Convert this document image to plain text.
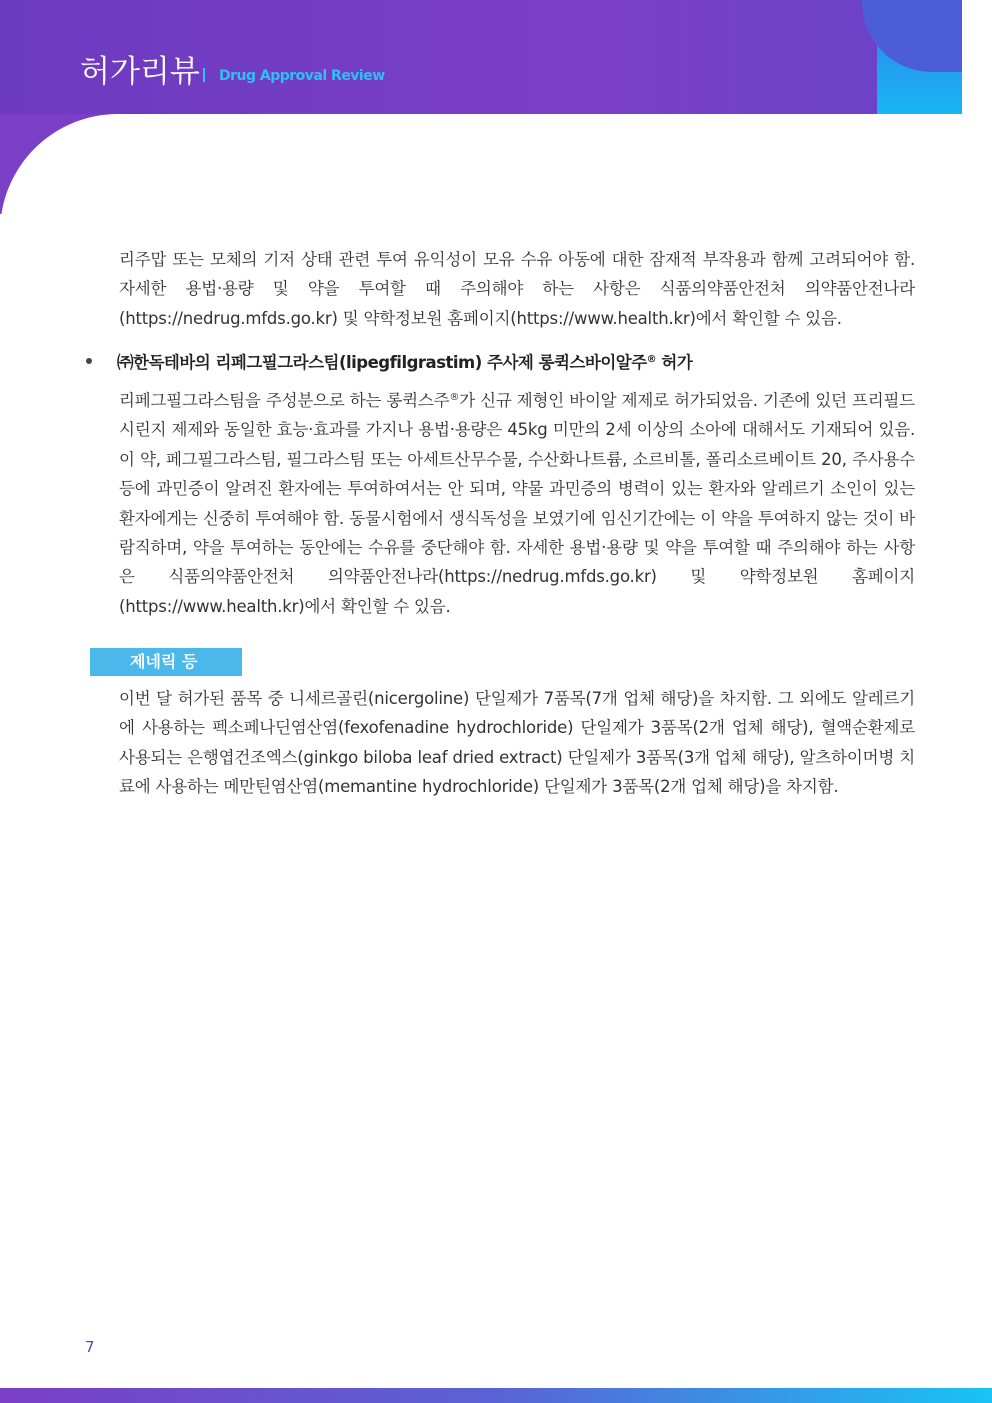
허가리뷰 Drug Approval Review

리주맙 또는 모체의 기저 상태 관련 투여 유익성이 모유 수유 아동에 대한 잠재적 부작용과 함께 고려되어야 함. 자세한 용법·용량 및 약을 투여할 때 주의해야 하는 사항은 식품의약품안전처 의약품안전나라(https://nedrug.mfds.go.kr) 및 약학정보원 홈페이지(https://www.health.kr)에서 확인할 수 있음.

㈜한독테바의 리페그필그라스팀(lipegfilgrastim) 주사제 롱퀵스바이알주® 허가

리페그필그라스팀을 주성분으로 하는 롱퀵스주®가 신규 제형인 바이알 제제로 허가되었음. 기존에 있던 프리필드시린지 제제와 동일한 효능·효과를 가지나 용법·용량은 45kg 미만의 2세 이상의 소아에 대해서도 기재되어 있음. 이 약, 페그필그라스팀, 필그라스팀 또는 아세트산무수물, 수산화나트륨, 소르비톨, 폴리소르베이트 20, 주사용수 등에 과민증이 알려진 환자에는 투여하여서는 안 되며, 약물 과민증의 병력이 있는 환자와 알레르기 소인이 있는 환자에게는 신중히 투여해야 함. 동물시험에서 생식독성을 보였기에 임신기간에는 이 약을 투여하지 않는 것이 바람직하며, 약을 투여하는 동안에는 수유를 중단해야 함. 자세한 용법·용량 및 약을 투여할 때 주의해야 하는 사항은 식품의약품안전처 의약품안전나라(https://nedrug.mfds.go.kr) 및 약학정보원 홈페이지(https://www.health.kr)에서 확인할 수 있음.

제네릭 등

이번 달 허가된 품목 중 니세르골린(nicergoline) 단일제가 7품목(7개 업체 해당)을 차지함. 그 외에도 알레르기에 사용하는 펙소페나딘염산염(fexofenadine hydrochloride) 단일제가 3품목(2개 업체 해당), 혈액순환제로 사용되는 은행엽건조엑스(ginkgo biloba leaf dried extract) 단일제가 3품목(3개 업체 해당), 알츠하이머병 치료에 사용하는 메만틴염산염(memantine hydrochloride) 단일제가 3품목(2개 업체 해당)을 차지함.

7
